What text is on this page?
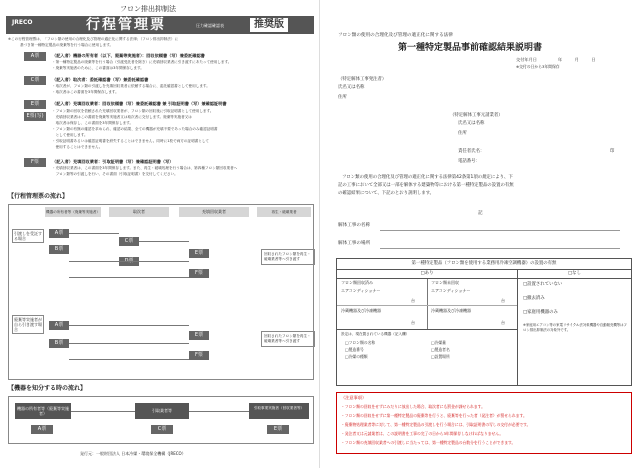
フロン排出抑制法
JRECO	行程管理票	圧力確認確認表	推奨版
※この行程管理票は、「フロン類の使用の合理化及び管理の適正化に関する法律」（フロン排出抑制法）に
基づき第一種特定製品の廃棄等を行う場合に使用します。
A票	（記入者）機器の所有者（以下、廃棄等実施者）：回収依頼書（写）兼委託確認書
・第一種特定製品の廃棄等を行う場合（引渡受託者を除き）に充填回収業者に引き渡すにあたって使用します。
・廃棄等実施者のために、この書面は3年間保存します。
C票	（記入者）取次者：委託確認書（写）兼委託確認書
・取次者が、フロン類の引渡しを充填回収業者に依頼する場合に、委託確認書として使用します。
・取次者はこの書面を3年間保存します。
E票	（記入者）充填回収業者：回収依頼書（写）兼委託確認書 兼 引取証明書（写）兼確認証明書
E票(写)
・フロン類の回収を依頼された充填回収業者が、フロン類の回収後に引取証明書として使用します。
　充填回収業者はこの書面を廃棄等実施者又は取次者に交付します。廃棄等実施者又は
　取次者は保存し、この書面を3年間保存します。
・フロン類の有無の確認を求められ、確認の結果、全ての機器が充填不要であった場合のみ確認証明書
　として使用します。
・引取証明書あるいは確認証明書を紛失することはできません。同時に1枚で両方の証明書として
　使用することはできません。
F票	（記入者）充填回収業者：引取証明書（写）兼確認証明書（写）
・充填回収業者は、この書面を3年間保存します。また、再生・破壊処理を行う場合は、第四種フロン類回収業者へ
　フロン類等の引渡しを行い、その書面（引取証明書）を交付してください。
【行程管理票の流れ】
機器の所有者等（廃棄等実施者）	取次者	充填回収業者	再生・破壊業者
引渡しを受託する場合
廃棄等実施者が自ら引き渡す場合
A票
B票
C票
D票
E票
F票
回収されたフロン類を再生・破壊業者等へ引き渡す
A票
B票
E票
F票
回収されたフロン類を再生・破壊業者等へ引き渡す
【機器を知分する時の流れ】
機器の所有者等（廃棄等実施者）
引取業者等	引取事業実施者（回収業者等）
A票	C票	E票
発行元：一般財団法人 日本冷媒・環境保全機構（JRECO）
フロン類の使用の合理化及び管理の適正化に関する法律
第一種特定製品事前確認結果説明書
交付年月日　　　　　年　　　月　　　日
※交付の日から3年間保存
（特定解体工事発注者）
氏名又は名称
住所
（特定解体工事元請業者）
氏名又は名称
住所
責任者氏名：	印
電話番号：
フロン類の使用の合理化及び管理の適正化に関する法律第42条第1項の規定により、下
記の工事において全部又は一部を解体する建築物等における第一種特定製品の設置の有無
の確認結果について、下記のとおり説明します。
記
解体工事の名称
解体工事の場所
第一種特定製品（フロン類を使用する業務用冷凍空調機器）の設置の有無
□あり	□なし
フロン類回収済み	フロン類未回収
エアコンディショナー	エアコンディショナー
台	台
冷蔵機器及び冷凍機器	冷蔵機器及び冷凍機器
台	台
設定は、現在置されている機器（記入欄）
□フロン類の名称
□製造番号
□冷媒の種類
□冷媒量
□製造者名
□設置場所
□設置されていない
□撤去済み
□家庭用機器のみ
※家庭用エアコン等の家電リサイクル法対象機器や自動販売機等はフロン排出抑制法の対象外です。
（注意事項）
・フロン類の回収をせずにみだりに放出した場合、取次者にも罰金が課せられます。
・フロン類の回収をせずに第一種特定製品の廃棄等を行うと、廃棄等を行った者（発注者）が罰せられます。
・廃棄物処理業者等に対して、第一種特定製品の引渡しを行う場合には、引取証明書の写しの交付が必要です。
・発注者又は元請業者は、この説明書を工事の完了の日から3年間保存しなければなりません。
・フロン類の充填回収業者への引渡しに当たっては、第一種特定製品の台数分を行うことができます。
